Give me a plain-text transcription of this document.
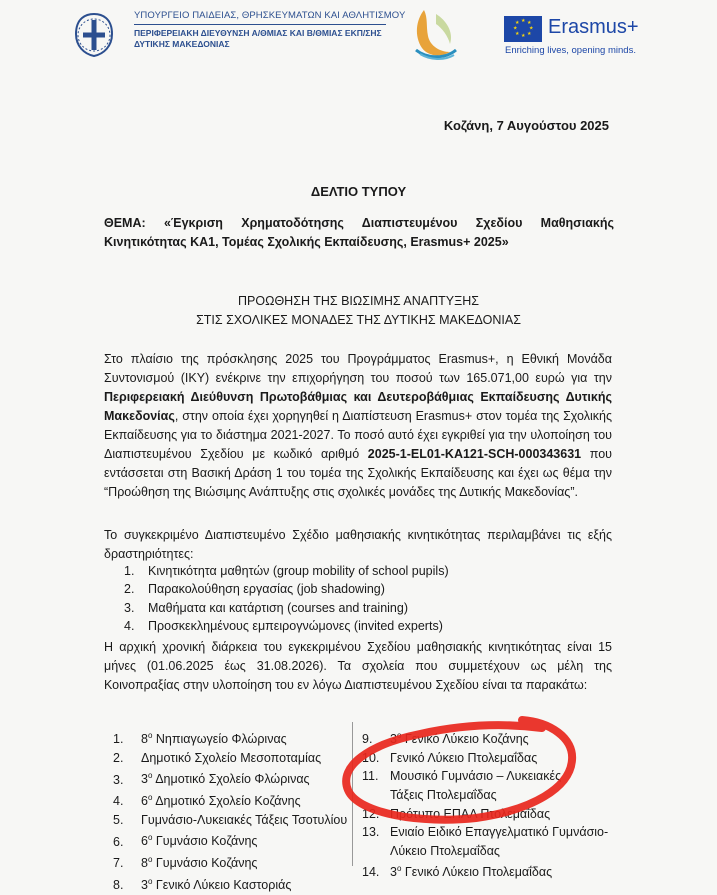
ΥΠΟΥΡΓΕΙΟ ΠΑΙΔΕΙΑΣ, ΘΡΗΣΚΕΥΜΑΤΩΝ ΚΑΙ ΑΘΛΗΤΙΣΜΟΥ
ΠΕΡΙΦΕΡΕΙΑΚΗ ΔΙΕΥΘΥΝΣΗ Α/ΘΜΙΑΣ ΚΑΙ Β/ΘΜΙΑΣ ΕΚΠ/ΣΗΣ
ΔΥΤΙΚΗΣ ΜΑΚΕΔΟΝΙΑΣ
★ ★
★
★
★
★
★
★ Erasmus+
Enriching lives, opening minds.
Κοζάνη, 7 Αυγούστου 2025
ΔΕΛΤΙΟ ΤΥΠΟΥ
ΘΕΜΑ: «Έγκριση Χρηματοδότησης Διαπιστευμένου Σχεδίου Μαθησιακής Κινητικότητας ΚΑ1, Τομέας Σχολικής Εκπαίδευσης, Erasmus+ 2025»
ΠΡΟΩΘΗΣΗ ΤΗΣ ΒΙΩΣΙΜΗΣ ΑΝΑΠΤΥΞΗΣ
ΣΤΙΣ ΣΧΟΛΙΚΕΣ ΜΟΝΑΔΕΣ ΤΗΣ ΔΥΤΙΚΗΣ ΜΑΚΕΔΟΝΙΑΣ
Στο πλαίσιο της πρόσκλησης 2025 του Προγράμματος Erasmus+, η Εθνική Μονάδα Συντονισμού (ΙΚΥ) ενέκρινε την επιχορήγηση του ποσού των 165.071,00 ευρώ για την Περιφερειακή Διεύθυνση Πρωτοβάθμιας και Δευτεροβάθμιας Εκπαίδευσης Δυτικής Μακεδονίας, στην οποία έχει χορηγηθεί η Διαπίστευση Erasmus+ στον τομέα της Σχολικής Εκπαίδευσης για το διάστημα 2021-2027. Το ποσό αυτό έχει εγκριθεί για την υλοποίηση του Διαπιστευμένου Σχεδίου με κωδικό αριθμό 2025-1-EL01-KA121-SCH-000343631 που εντάσσεται στη Βασική Δράση 1 του τομέα της Σχολικής Εκπαίδευσης και έχει ως θέμα την “Προώθηση της Βιώσιμης Ανάπτυξης στις σχολικές μονάδες της Δυτικής Μακεδονίας”.
Το συγκεκριμένο Διαπιστευμένο Σχέδιο μαθησιακής κινητικότητας περιλαμβάνει τις εξής δραστηριότητες:
1. Κινητικότητα μαθητών (group mobility of school pupils)
2. Παρακολούθηση εργασίας (job shadowing)
3. Μαθήματα και κατάρτιση (courses and training)
4. Προσκεκλημένους εμπειρογνώμονες (invited experts)
Η αρχική χρονική διάρκεια του εγκεκριμένου Σχεδίου μαθησιακής κινητικότητας είναι 15 μήνες (01.06.2025 έως 31.08.2026). Τα σχολεία που συμμετέχουν ως μέλη της Κοινοπραξίας στην υλοποίηση του εν λόγω Διαπιστευμένου Σχεδίου είναι τα παρακάτω:
1. $8^o$ Νηπιαγωγείο Φλώρινας
2. Δημοτικό Σχολείο Μεσοποταμίας
3. $3^o$ Δημοτικό Σχολείο Φλώρινας
4. $6^o$ Δημοτικό Σχολείο Κοζάνης
5. Γυμνάσιο-Λυκειακές Τάξεις Τσοτυλίου
6. $6^o$ Γυμνάσιο Κοζάνης
7. $8^o$ Γυμνάσιο Κοζάνης
8. $3^o$ Γενικό Λύκειο Καστοριάς
9. $3^o$ Γενικό Λύκειο Κοζάνης
10. Γενικό Λύκειο Πτολεμαΐδας
11. Μουσικό Γυμνάσιο – Λυκειακές
Τάξεις Πτολεμαΐδας
12. Πρότυπο ΕΠΑΛ Πτολεμαΐδας
13. Ενιαίο Ειδικό Επαγγελματικό Γυμνάσιο-
Λύκειο Πτολεμαΐδας
14. $3^o$ Γενικό Λύκειο Πτολεμαΐδας
